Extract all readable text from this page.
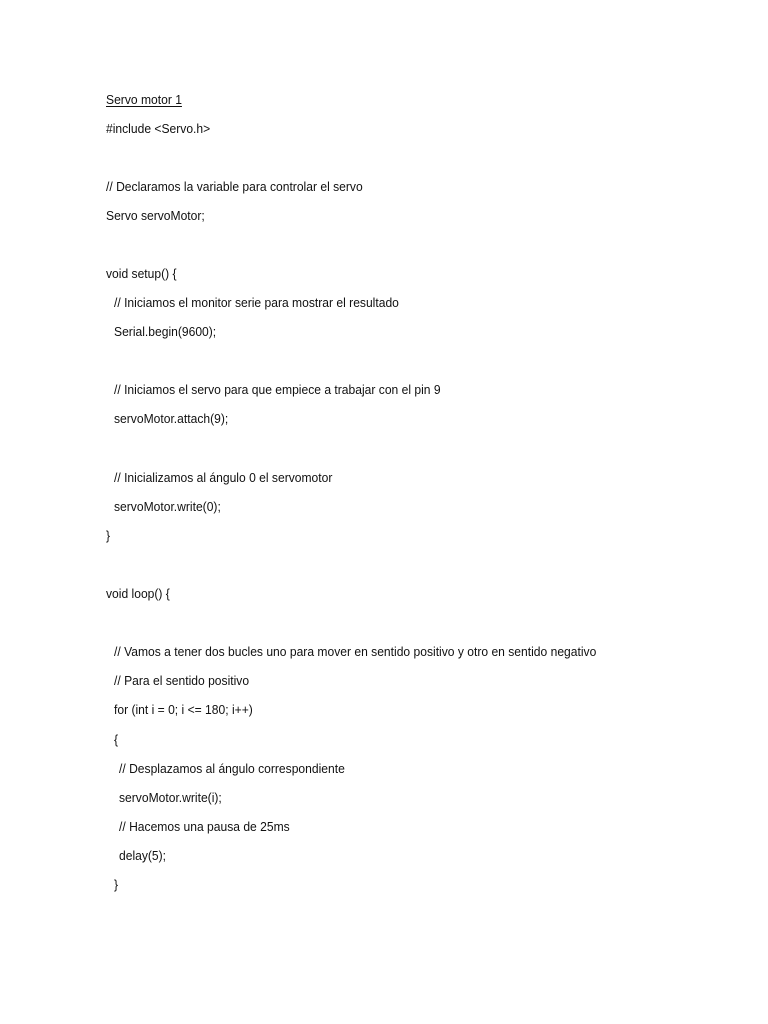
Servo motor 1
#include <Servo.h>
// Declaramos la variable para controlar el servo
Servo servoMotor;
void setup() {
// Iniciamos el monitor serie para mostrar el resultado
Serial.begin(9600);
// Iniciamos el servo para que empiece a trabajar con el pin 9
servoMotor.attach(9);
// Inicializamos al ángulo 0 el servomotor
servoMotor.write(0);
}
void loop() {
// Vamos a tener dos bucles uno para mover en sentido positivo y otro en sentido negativo
// Para el sentido positivo
for (int i = 0; i <= 180; i++)
{
// Desplazamos al ángulo correspondiente
servoMotor.write(i);
// Hacemos una pausa de 25ms
delay(5);
}
